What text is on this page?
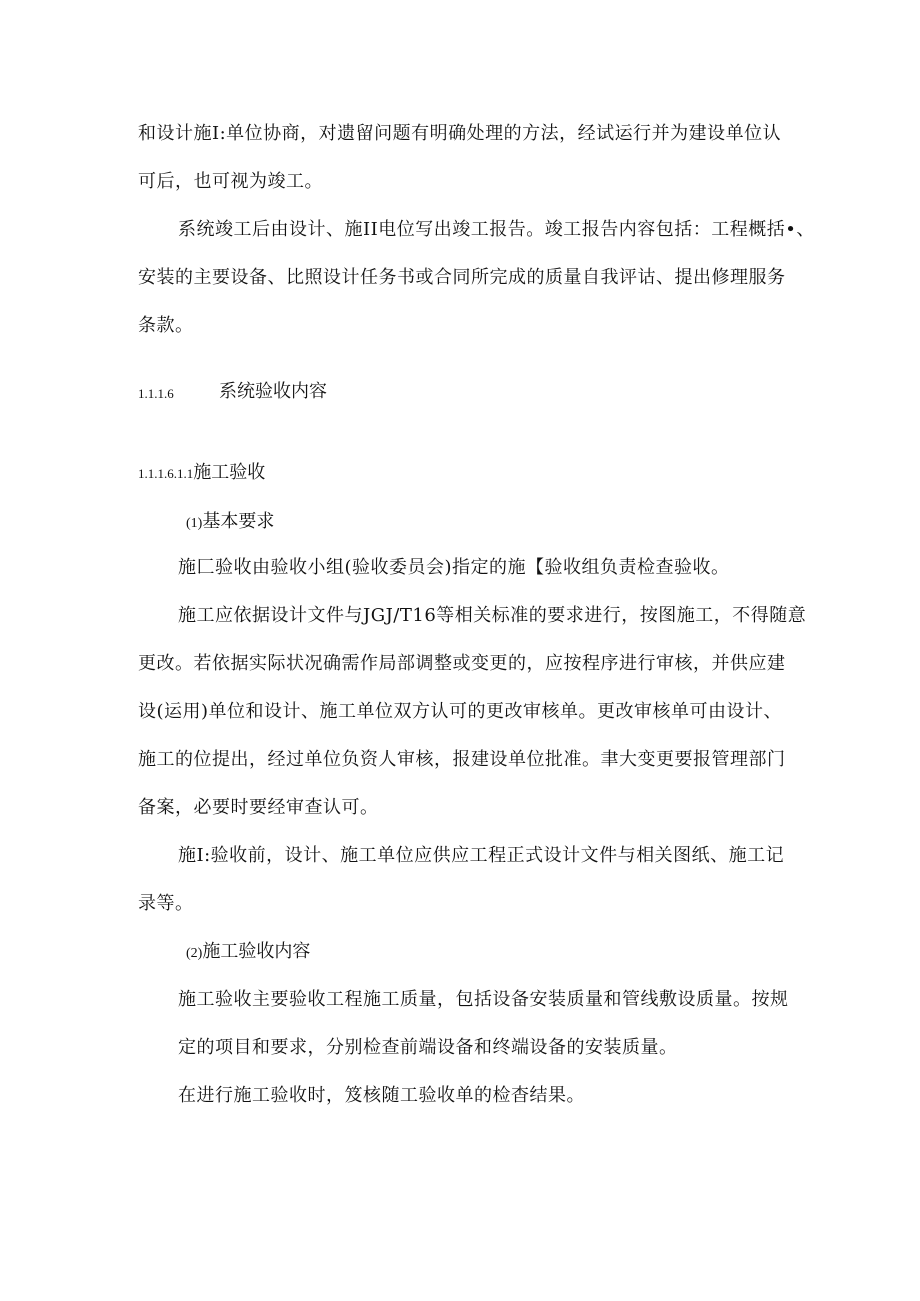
和设计施I:单位协商，对遗留问题有明确处理的方法，经试运行并为建设单位认
可后，也可视为竣工。
系统竣工后由设计、施II电位写出竣工报告。竣工报告内容包括：工程概括•、
安装的主要设备、比照设计任务书或合同所完成的质量自我评诂、提出修理服务
条款。
1.1.1.6	系统验收内容
1.1.1.6.1.1施工验收
(1)基本要求
施匚验收由验收小组(验收委员会)指定的施【验收组负责检查验收。
施工应依据设计文件与JGJ/T16等相关标准的要求进行，按图施工，不得随意
更改。若依据实际状况确需作局部调整或变更的，应按程序进行审核，并供应建
设(运用)单位和设计、施工单位双方认可的更改审核单。更改审核单可由设计、
施工的位提出，经过单位负资人审核，报建设单位批准。聿大变更要报管理部门
备案，必要时要经审查认可。
施I:验收前，设计、施工单位应供应工程正式设计文件与相关图纸、施工记
录等。
(2)施工验收内容
施工验收主要验收工程施工质量，包括设备安装质量和管线敷设质量。按规
定的项目和要求，分别检查前端设备和终端设备的安装质量。
在进行施工验收时，笈核随工验收单的检杳结果。
